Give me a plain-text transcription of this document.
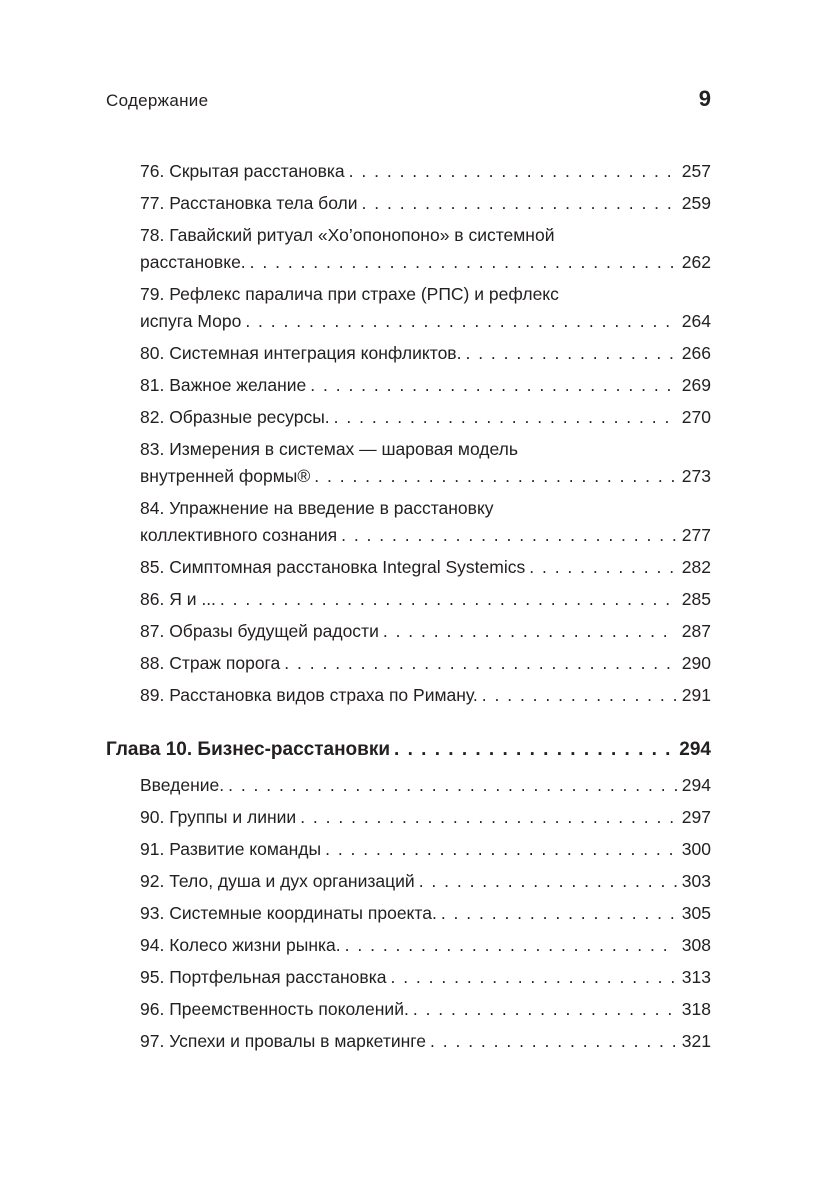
Содержание	9
76. Скрытая расстановка . . .	257
77. Расстановка тела боли . . .	259
78. Гавайский ритуал «Хо’опонопоно» в системной
расстановке. . . .	262
79. Рефлекс паралича при страхе (РПС) и рефлекс
испуга Моро . . .	264
80. Системная интеграция конфликтов. . . .	266
81. Важное желание . . .	269
82. Образные ресурсы. . . .	270
83. Измерения в системах — шаровая модель
внутренней формы® . . .	273
84. Упражнение на введение в расстановку
коллективного сознания . . .	277
85. Симптомная расстановка Integral Systemics . . .	282
86. Я и ... . . .	285
87. Образы будущей радости . . .	287
88. Страж порога . . .	290
89. Расстановка видов страха по Риману. . . .	291
Глава 10. Бизнес-расстановки . . .	294
Введение. . . .	294
90. Группы и линии . . .	297
91. Развитие команды . . .	300
92. Тело, душа и дух организаций . . .	303
93. Системные координаты проекта. . . .	305
94. Колесо жизни рынка. . . .	308
95. Портфельная расстановка . . .	313
96. Преемственность поколений. . . .	318
97. Успехи и провалы в маркетинге . . .	321
